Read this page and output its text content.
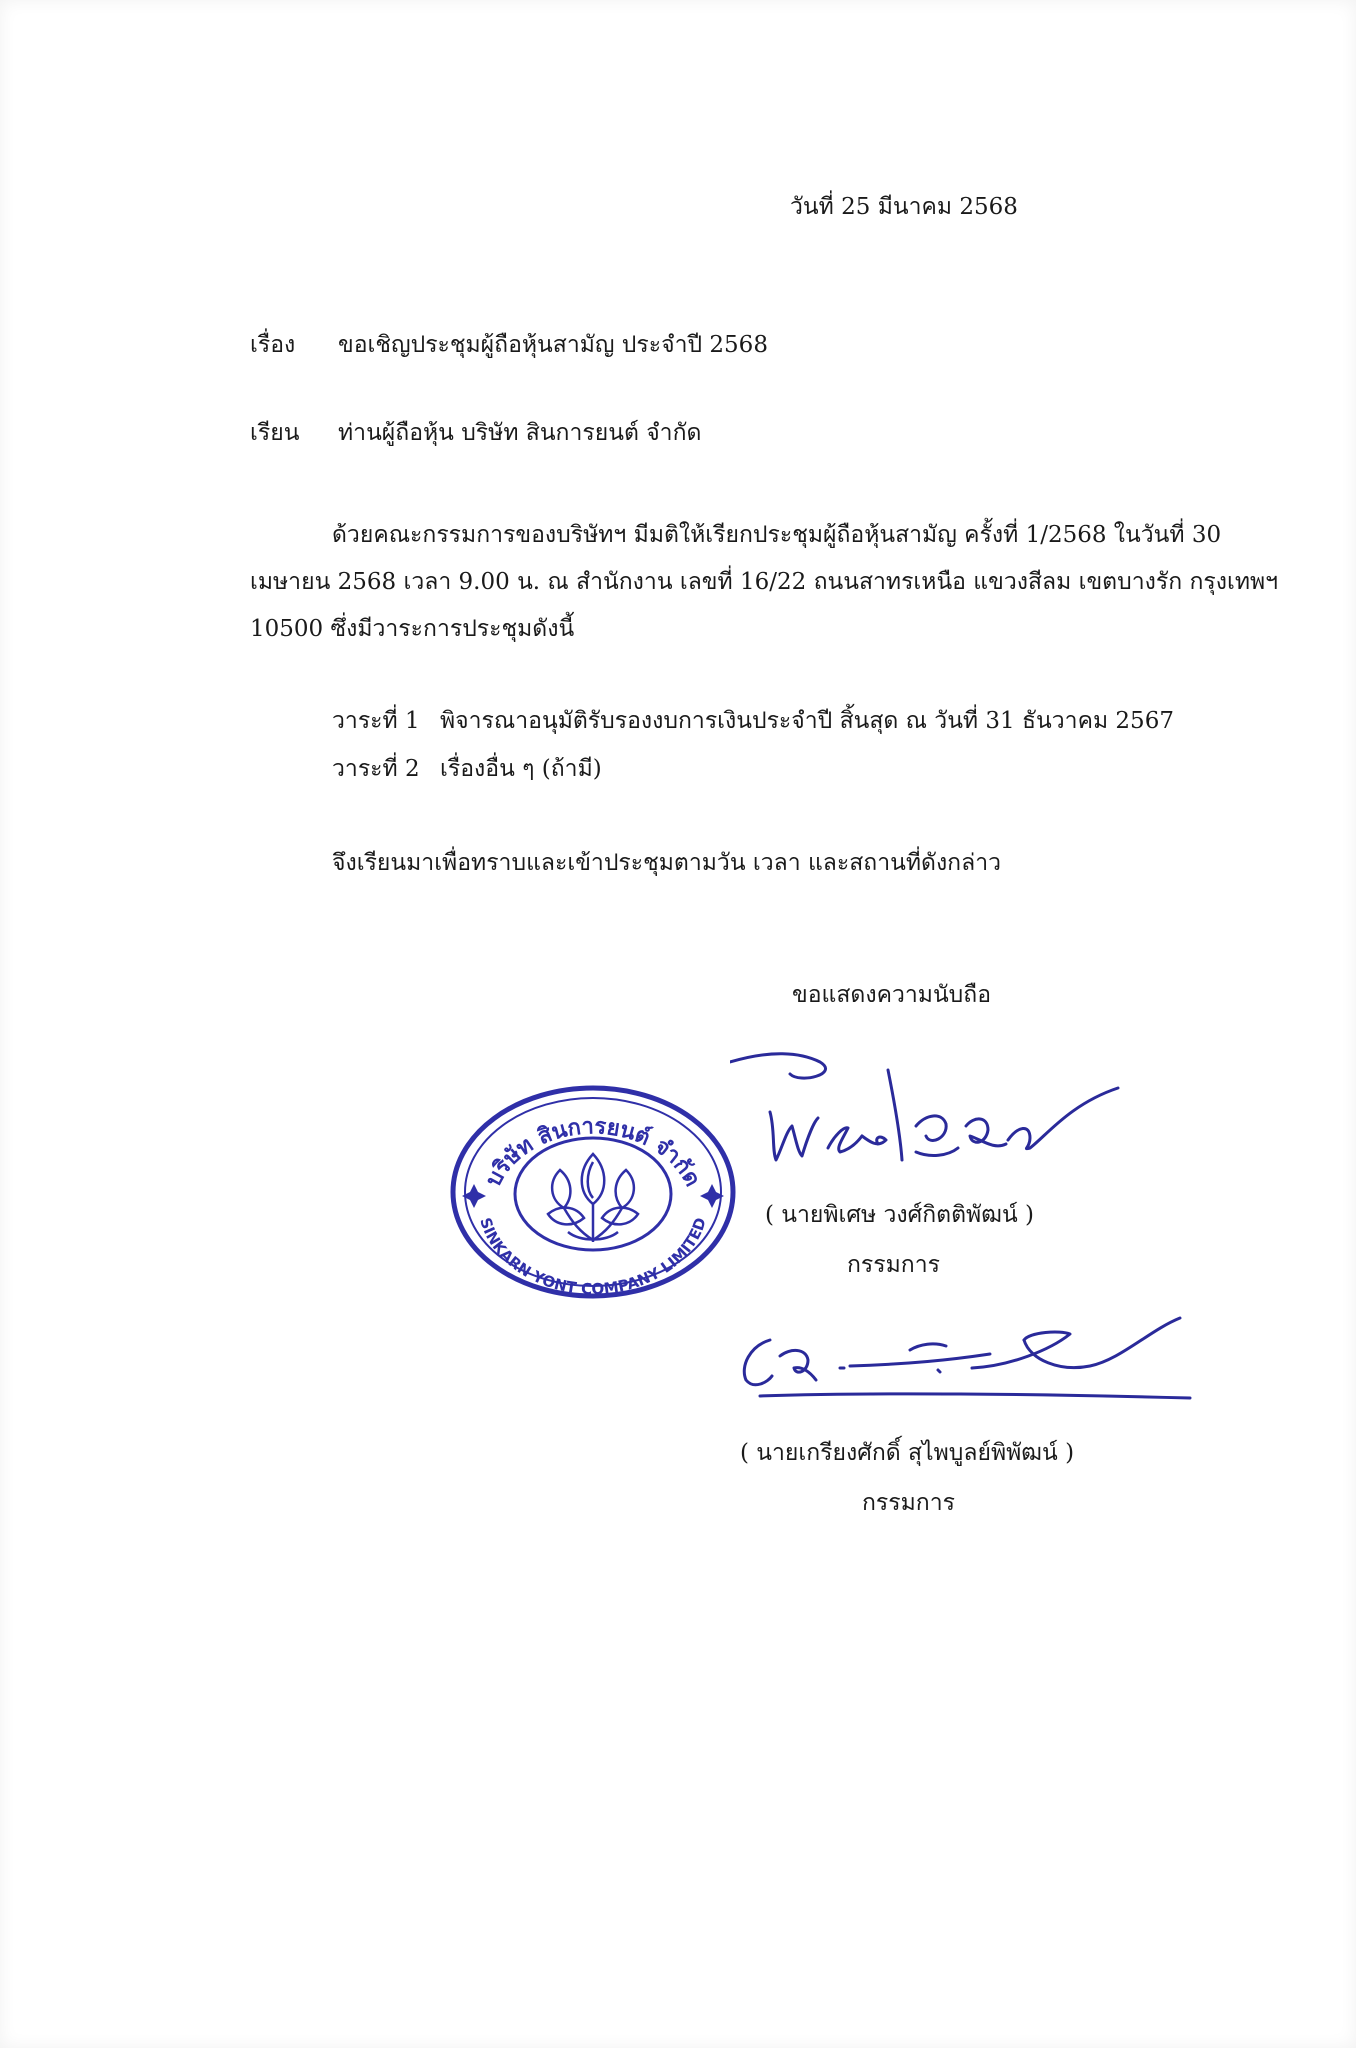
วันที่ 25 มีนาคม 2568
เรื่อง ขอเชิญประชุมผู้ถือหุ้นสามัญ ประจำปี 2568
เรียน ท่านผู้ถือหุ้น บริษัท สินการยนต์ จำกัด
ด้วยคณะกรรมการของบริษัทฯ มีมติให้เรียกประชุมผู้ถือหุ้นสามัญ ครั้งที่ 1/2568 ในวันที่ 30
เมษายน 2568 เวลา 9.00 น. ณ สำนักงาน เลขที่ 16/22 ถนนสาทรเหนือ แขวงสีลม เขตบางรัก กรุงเทพฯ
10500 ซึ่งมีวาระการประชุมดังนี้
วาระที่ 1 พิจารณาอนุมัติรับรองงบการเงินประจำปี สิ้นสุด ณ วันที่ 31 ธันวาคม 2567
วาระที่ 2 เรื่องอื่น ๆ (ถ้ามี)
จึงเรียนมาเพื่อทราบและเข้าประชุมตามวัน เวลา และสถานที่ดังกล่าว
ขอแสดงความนับถือ
บริษัท สินการยนต์ จำกัด
SINKARN YONT COMPANY LIMITED ( นายพิเศษ วงศ์กิตติพัฒน์ )
กรรมการ
( นายเกรียงศักดิ์ สุไพบูลย์พิพัฒน์ )
กรรมการ
